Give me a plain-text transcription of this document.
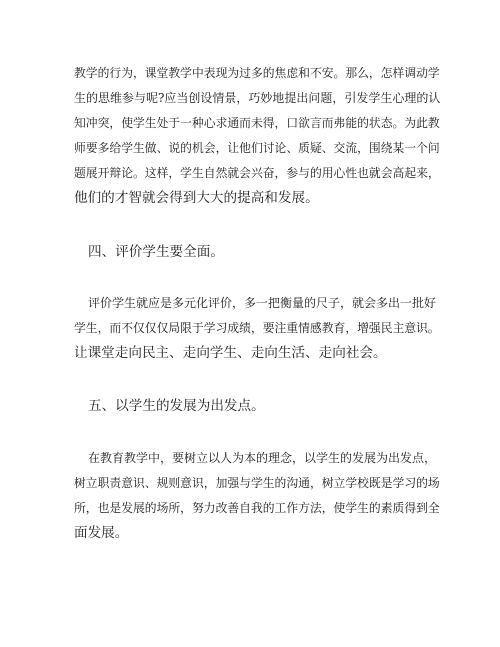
教学的行为，课堂教学中表现为过多的焦虑和不安。那么，怎样调动学
生的思维参与呢?应当创设情景，巧妙地提出问题，引发学生心理的认
知冲突，使学生处于一种心求通而未得，口欲言而弗能的状态。为此教
师要多给学生做、说的机会，让他们讨论、质疑、交流，围绕某一个问
题展开辩论。这样，学生自然就会兴奋，参与的用心性也就会高起来，
他们的才智就会得到大大的提高和发展。
四、评价学生要全面。
评价学生就应是多元化评价，多一把衡量的尺子，就会多出一批好
学生，而不仅仅仅局限于学习成绩，要注重情感教育，增强民主意识。
让课堂走向民主、走向学生、走向生活、走向社会。
五、以学生的发展为出发点。
在教育教学中，要树立以人为本的理念，以学生的发展为出发点，
树立职责意识、规则意识，加强与学生的沟通，树立学校既是学习的场
所，也是发展的场所，努力改善自我的工作方法，使学生的素质得到全
面发展。
